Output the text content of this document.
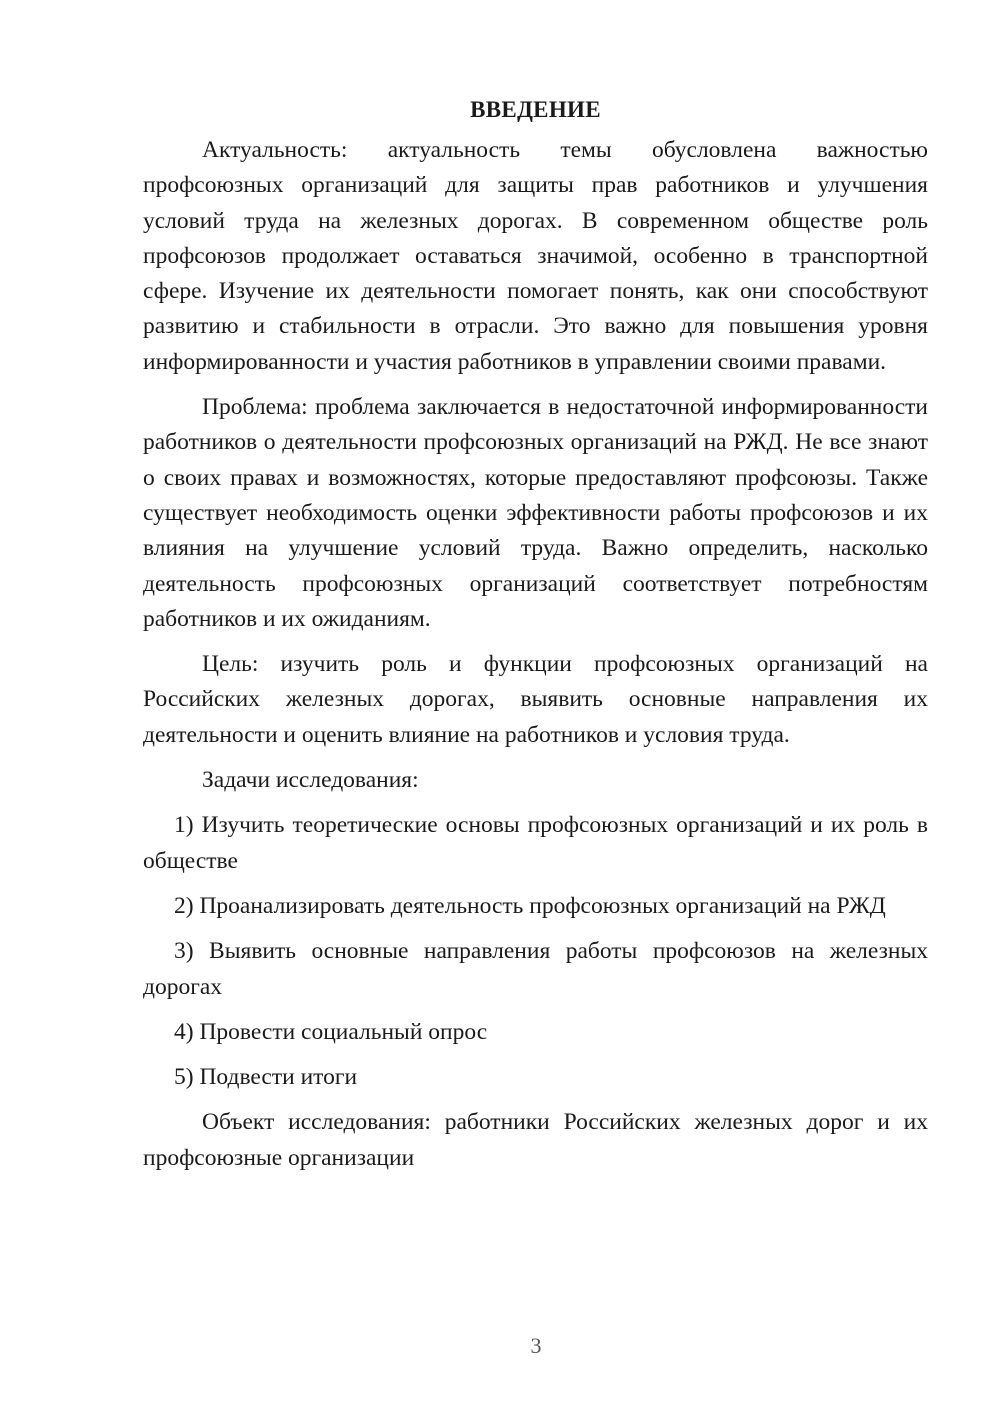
ВВЕДЕНИЕ

Актуальность: актуальность темы обусловлена важностью профсоюзных организаций для защиты прав работников и улучшения условий труда на железных дорогах. В современном обществе роль профсоюзов продолжает оставаться значимой, особенно в транспортной сфере. Изучение их деятельности помогает понять, как они способствуют развитию и стабильности в отрасли. Это важно для повышения уровня информированности и участия работников в управлении своими правами.

Проблема: проблема заключается в недостаточной информированности работников о деятельности профсоюзных организаций на РЖД. Не все знают о своих правах и возможностях, которые предоставляют профсоюзы. Также существует необходимость оценки эффективности работы профсоюзов и их влияния на улучшение условий труда. Важно определить, насколько деятельность профсоюзных организаций соответствует потребностям работников и их ожиданиям.

Цель: изучить роль и функции профсоюзных организаций на Российских железных дорогах, выявить основные направления их деятельности и оценить влияние на работников и условия труда.

Задачи исследования:

1) Изучить теоретические основы профсоюзных организаций и их роль в обществе

2) Проанализировать деятельность профсоюзных организаций на РЖД

3) Выявить основные направления работы профсоюзов на железных дорогах

4) Провести социальный опрос

5) Подвести итоги

Объект исследования: работники Российских железных дорог и их профсоюзные организации

3
